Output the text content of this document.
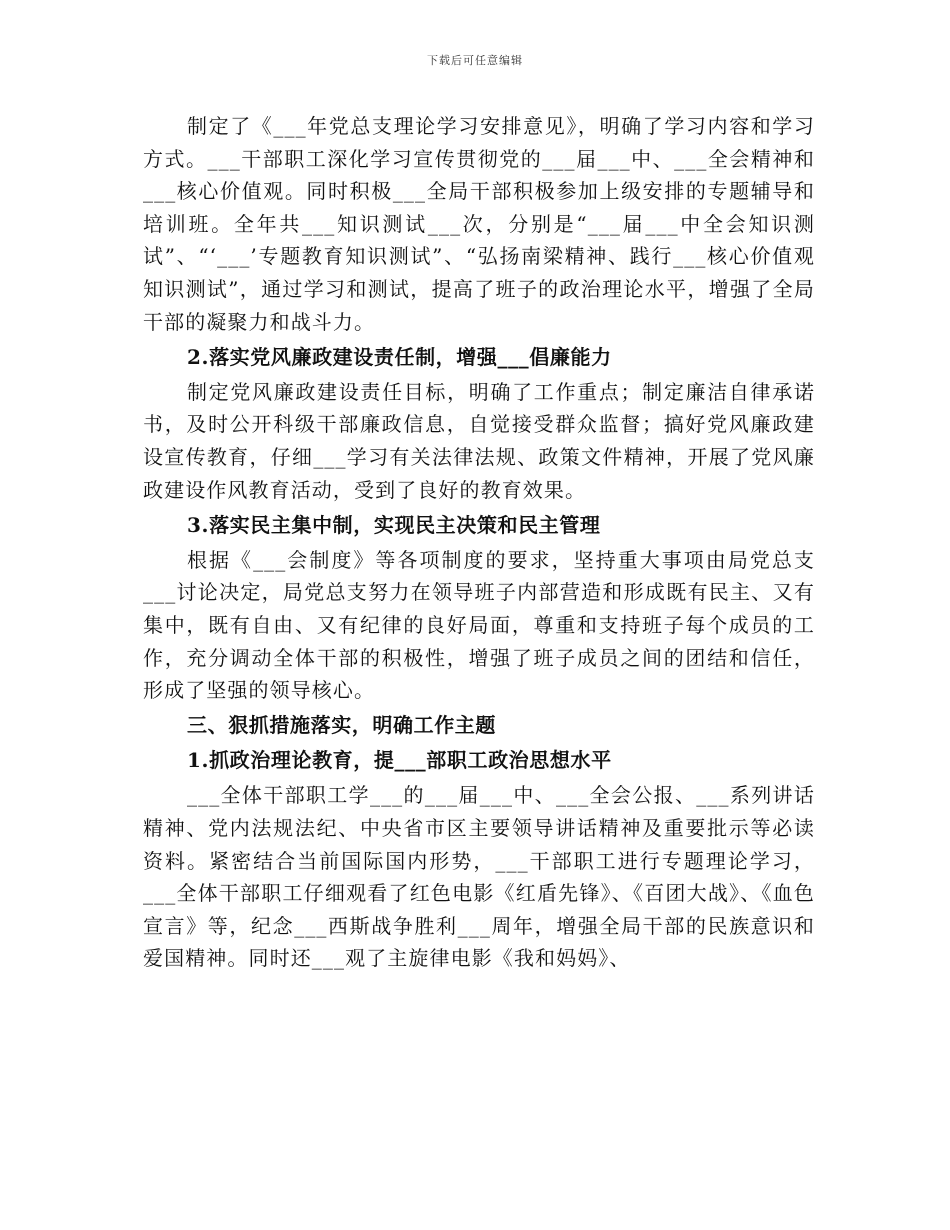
下载后可任意编辑

制定了《___年党总支理论学习安排意见》，明确了学习内容和学习方式。___干部职工深化学习宣传贯彻党的___届___中、___全会精神和___核心价值观。同时积极___全局干部积极参加上级安排的专题辅导和培训班。全年共___知识测试___次，分别是“___届___中全会知识测试”、“‘___’专题教育知识测试”、“弘扬南梁精神、践行___核心价值观知识测试”，通过学习和测试，提高了班子的政治理论水平，增强了全局干部的凝聚力和战斗力。

2.落实党风廉政建设责任制，增强___倡廉能力

制定党风廉政建设责任目标，明确了工作重点；制定廉洁自律承诺书，及时公开科级干部廉政信息，自觉接受群众监督；搞好党风廉政建设宣传教育，仔细___学习有关法律法规、政策文件精神，开展了党风廉政建设作风教育活动，受到了良好的教育效果。

3.落实民主集中制，实现民主决策和民主管理

根据《___会制度》等各项制度的要求，坚持重大事项由局党总支___讨论决定，局党总支努力在领导班子内部营造和形成既有民主、又有集中，既有自由、又有纪律的良好局面，尊重和支持班子每个成员的工作，充分调动全体干部的积极性，增强了班子成员之间的团结和信任，形成了坚强的领导核心。

三、狠抓措施落实，明确工作主题

1.抓政治理论教育，提___部职工政治思想水平

___全体干部职工学___的___届___中、___全会公报、___系列讲话精神、党内法规法纪、中央省市区主要领导讲话精神及重要批示等必读资料。紧密结合当前国际国内形势，___干部职工进行专题理论学习，___全体干部职工仔细观看了红色电影《红盾先锋》、《百团大战》、《血色宣言》等，纪念___西斯战争胜利___周年，增强全局干部的民族意识和爱国精神。同时还___观了主旋律电影《我和妈妈》、
